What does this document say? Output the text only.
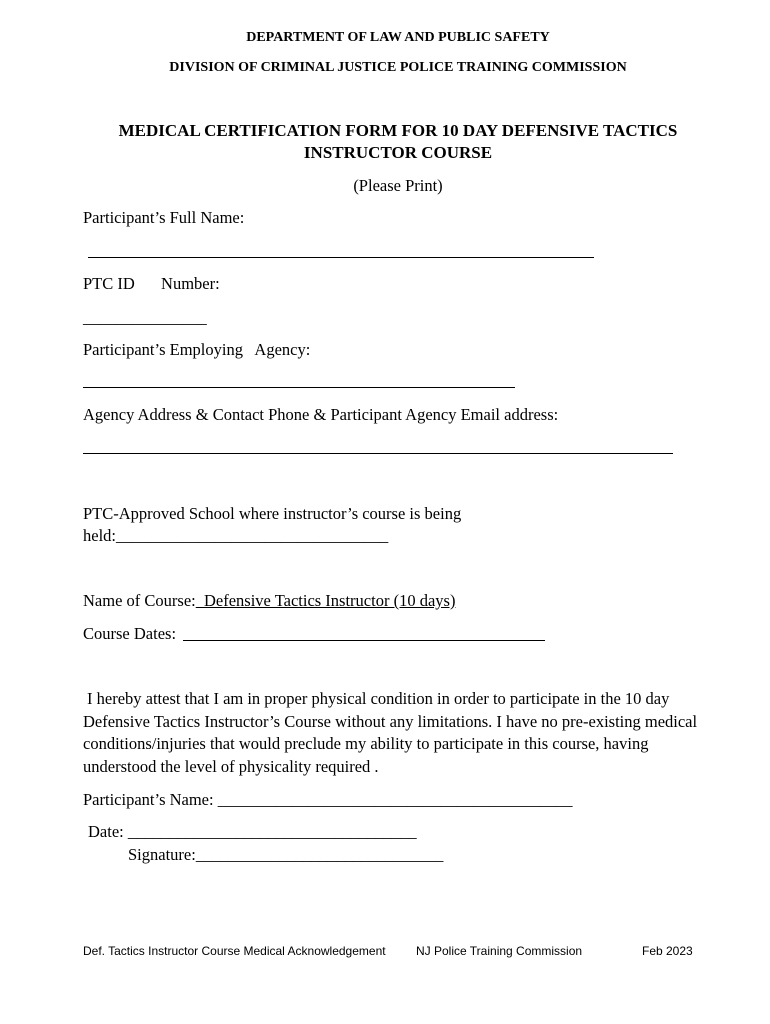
DEPARTMENT OF LAW AND PUBLIC SAFETY
DIVISION OF CRIMINAL JUSTICE POLICE TRAINING COMMISSION
MEDICAL CERTIFICATION FORM FOR 10 DAY DEFENSIVE TACTICS
INSTRUCTOR COURSE
(Please Print)
Participant’s Full Name:
PTC ID Number:
_______________
Participant’s Employing   Agency:
Agency Address & Contact Phone & Participant Agency Email address:
PTC-Approved School where instructor’s course is being
held:_________________________________
Name of Course:  Defensive Tactics Instructor (10 days)
Course Dates:
I hereby attest that I am in proper physical condition in order to participate in the 10 day Defensive Tactics Instructor’s Course without any limitations. I have no pre-existing medical conditions/injuries that would preclude my ability to participate in this course, having understood the level of physicality required .
Participant’s Name: ___________________________________________
Date: ___________________________________
Signature:______________________________
Def. Tactics Instructor Course Medical Acknowledgement	NJ Police Training Commission	Feb 2023
